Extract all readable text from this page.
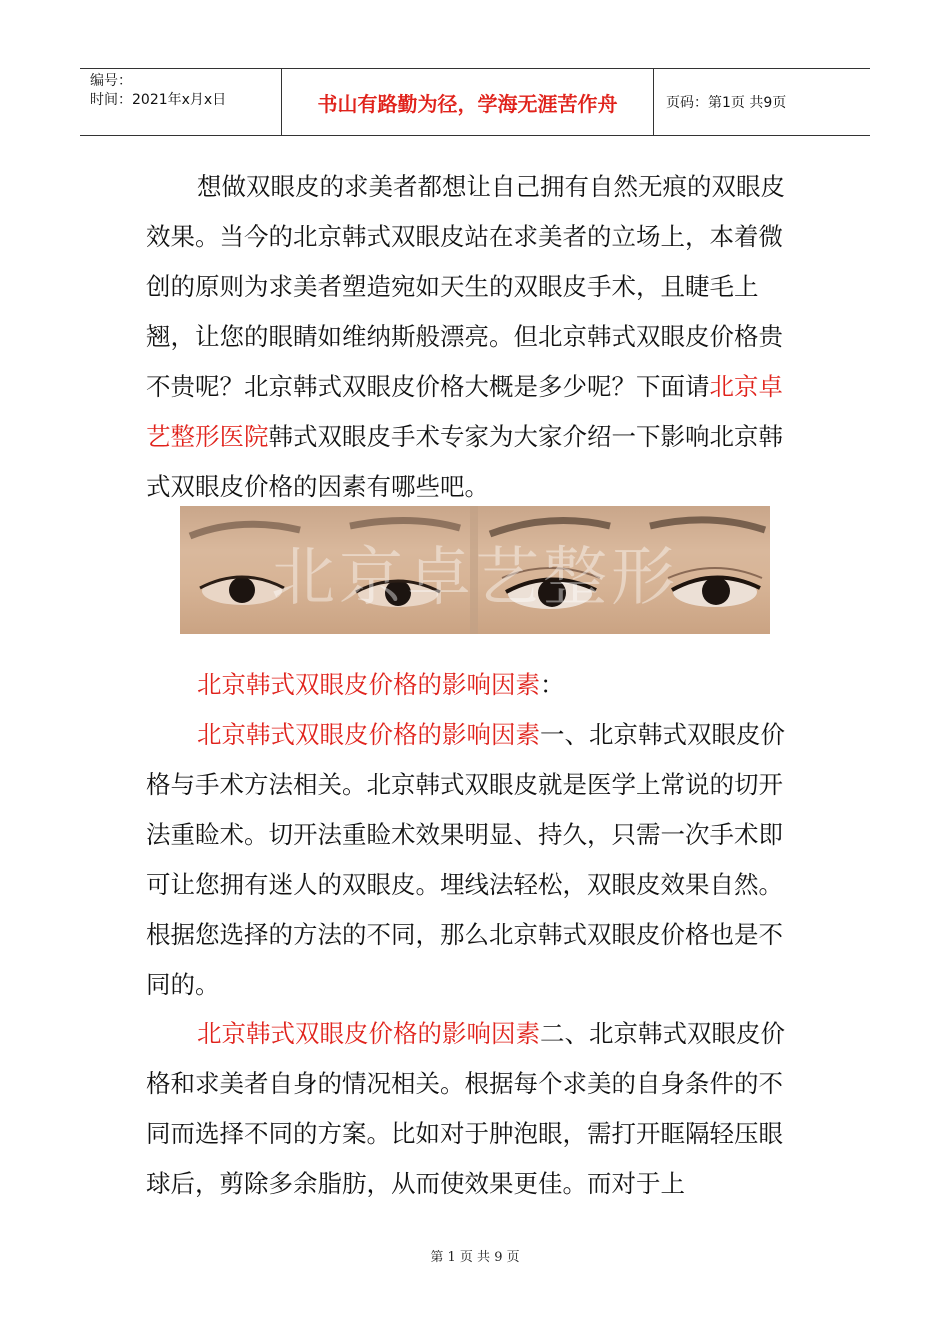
编号：
时间：2021年x月x日	书山有路勤为径，学海无涯苦作舟	页码：第1页 共9页

想做双眼皮的求美者都想让自己拥有自然无痕的双眼皮效果。当今的北京韩式双眼皮站在求美者的立场上，本着微创的原则为求美者塑造宛如天生的双眼皮手术，且睫毛上翘，让您的眼睛如维纳斯般漂亮。但北京韩式双眼皮价格贵不贵呢？北京韩式双眼皮价格大概是多少呢？下面请北京卓艺整形医院韩式双眼皮手术专家为大家介绍一下影响北京韩式双眼皮价格的因素有哪些吧。

北京卓艺整形

北京韩式双眼皮价格的影响因素：

北京韩式双眼皮价格的影响因素一、北京韩式双眼皮价格与手术方法相关。北京韩式双眼皮就是医学上常说的切开法重睑术。切开法重睑术效果明显、持久，只需一次手术即可让您拥有迷人的双眼皮。埋线法轻松，双眼皮效果自然。根据您选择的方法的不同，那么北京韩式双眼皮价格也是不同的。

北京韩式双眼皮价格的影响因素二、北京韩式双眼皮价格和求美者自身的情况相关。根据每个求美的自身条件的不同而选择不同的方案。比如对于肿泡眼，需打开眶隔轻压眼球后，剪除多余脂肪，从而使效果更佳。而对于上

第 1 页 共 9 页
